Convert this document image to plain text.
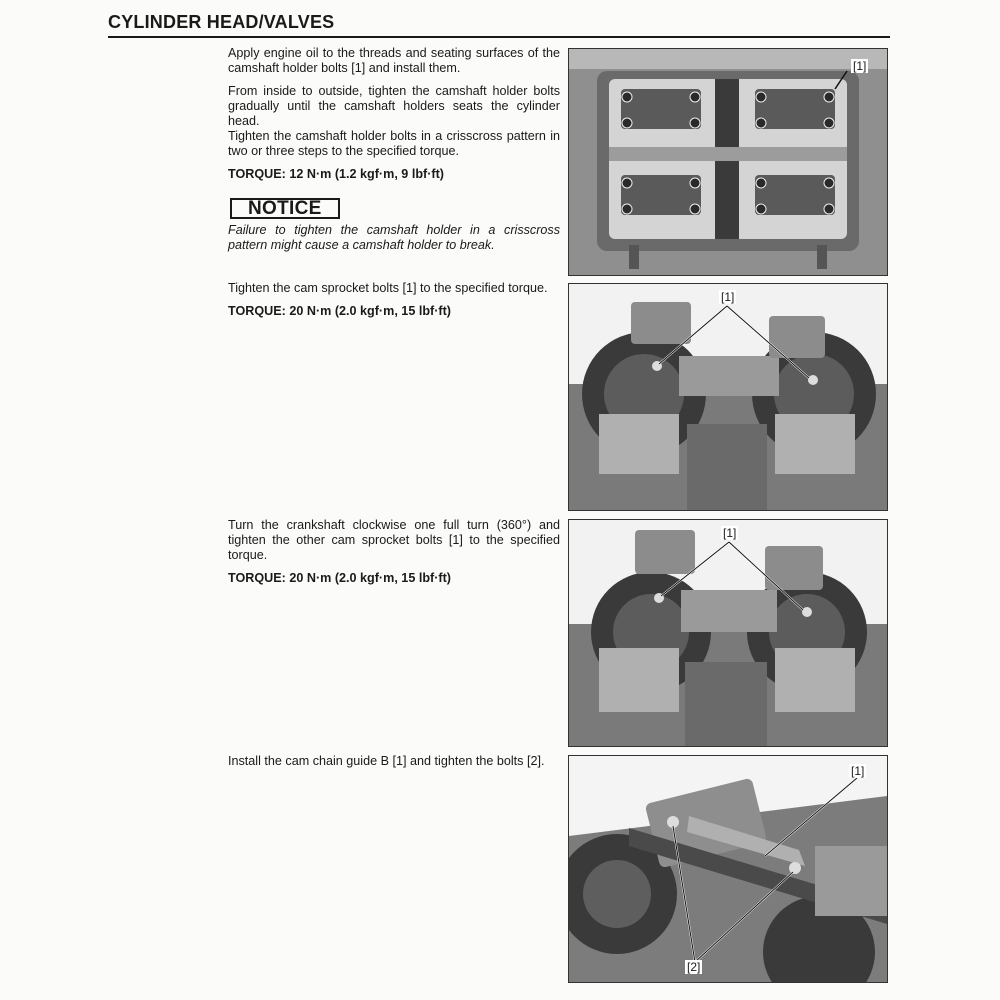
CYLINDER HEAD/VALVES

Apply engine oil to the threads and seating surfaces of the camshaft holder bolts [1] and install them.

From inside to outside, tighten the camshaft holder bolts gradually until the camshaft holders seats the cylinder head.

Tighten the camshaft holder bolts in a crisscross pattern in two or three steps to the specified torque.

TORQUE: 12 N·m (1.2 kgf·m, 9 lbf·ft)

NOTICE

Failure to tighten the camshaft holder in a crisscross pattern might cause a camshaft holder to break.

[1]

Tighten the cam sprocket bolts [1] to the specified torque.

TORQUE: 20 N·m (2.0 kgf·m, 15 lbf·ft)

[1]

Turn the crankshaft clockwise one full turn (360°) and tighten the other cam sprocket bolts [1] to the specified torque.

TORQUE: 20 N·m (2.0 kgf·m, 15 lbf·ft)

[1]

Install the cam chain guide B [1] and tighten the bolts [2].

[1]
[2]
